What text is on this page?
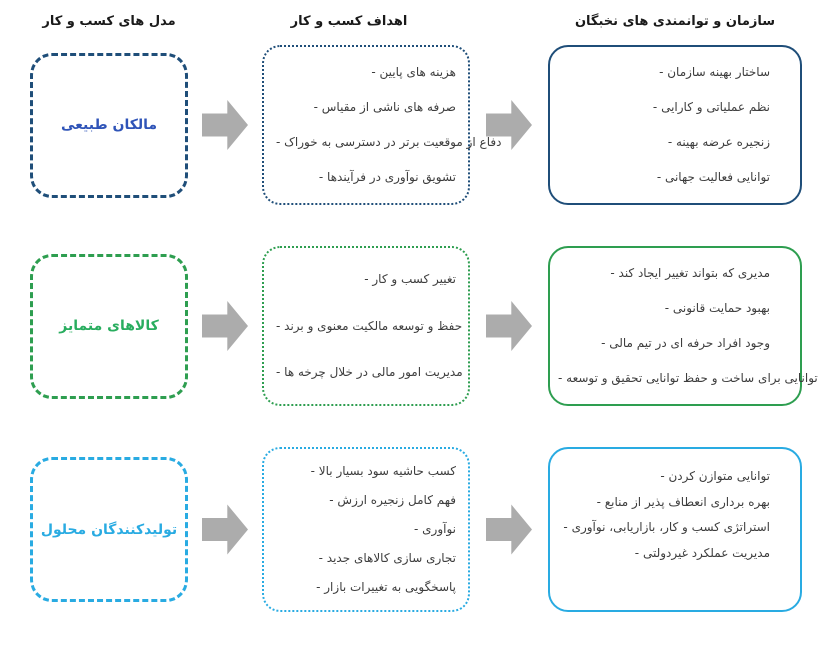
مدل های کسب و کار	اهداف کسب و کار	سازمان و توانمندی های نخبگان
مالکان طبیعی
- هزینه های پایین
- صرفه های ناشی از مقیاس
- دفاع از موقعیت برتر در دسترسی به خوراک
- تشویق نوآوری در فرآیندها
- ساختار بهینه سازمان
- نظم عملیاتی و کارایی
- زنجیره عرضه بهینه
- توانایی فعالیت جهانی
کالاهای متمایز
- تغییر کسب و کار
- حفظ و توسعه مالکیت معنوی و برند
- مدیریت امور مالی در خلال چرخه ها
- مدیری که بتواند تغییر ایجاد کند
- بهبود حمایت قانونی
- وجود افراد حرفه ای در تیم مالی
- توانایی برای ساخت و حفظ توانایی تحقیق و توسعه
تولیدکنندگان محلول
- کسب حاشیه سود بسیار بالا
- فهم کامل زنجیره ارزش
- نوآوری
- تجاری سازی کالاهای جدید
- پاسخگویی به تغییرات بازار
- توانایی متوازن کردن
- بهره برداری انعطاف پذیر از منابع
- استراتژی کسب و کار، بازاریابی، نوآوری
- مدیریت عملکرد غیردولتی
